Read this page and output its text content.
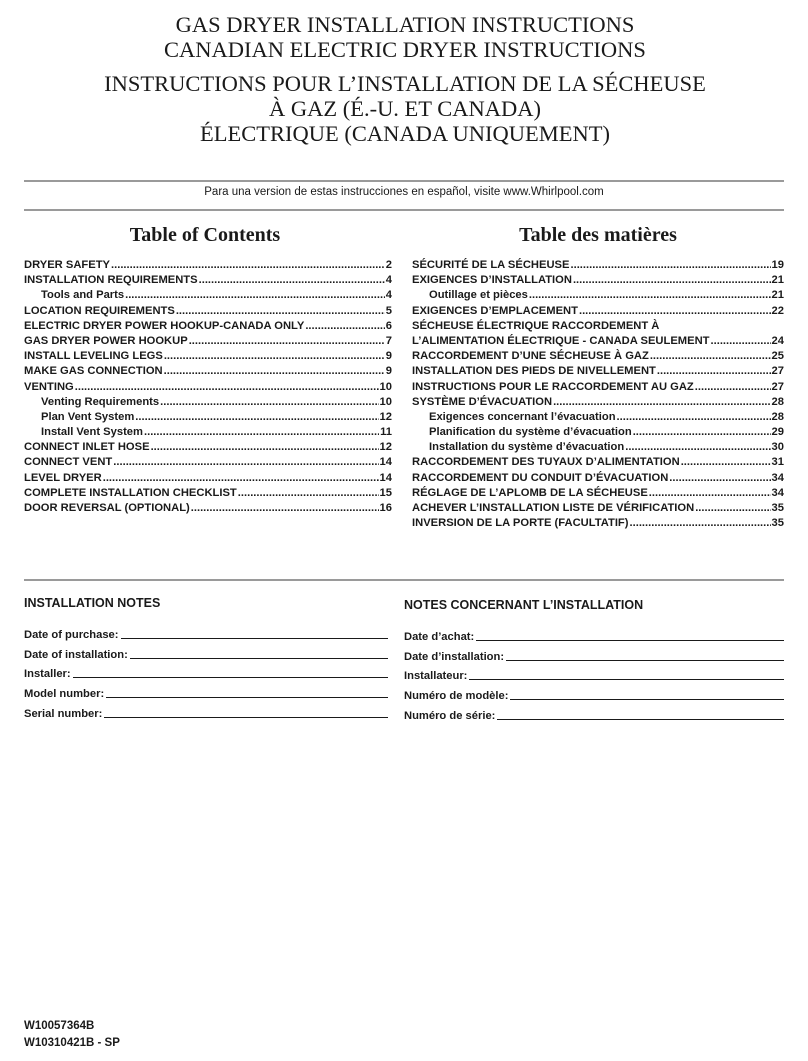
GAS DRYER INSTALLATION INSTRUCTIONS
CANADIAN ELECTRIC DRYER INSTRUCTIONS
INSTRUCTIONS POUR L’INSTALLATION DE LA SÉCHEUSE
À GAZ (É.-U. ET CANADA)
ÉLECTRIQUE (CANADA UNIQUEMENT)
Para una version de estas instrucciones en español, visite www.Whirlpool.com
Table of Contents	Table des matières
DRYER SAFETY .....	2
INSTALLATION REQUIREMENTS .....	4
Tools and Parts .....	4
LOCATION REQUIREMENTS .....	5
ELECTRIC DRYER POWER HOOKUP-CANADA ONLY .....	6
GAS DRYER POWER HOOKUP .....	7
INSTALL LEVELING LEGS .....	9
MAKE GAS CONNECTION .....	9
VENTING .....	10
Venting Requirements .....	10
Plan Vent System .....	12
Install Vent System .....	11
CONNECT INLET HOSE .....	12
CONNECT VENT .....	14
LEVEL DRYER .....	14
COMPLETE INSTALLATION CHECKLIST .....	15
DOOR REVERSAL (OPTIONAL) .....	16
SÉCURITÉ DE LA SÉCHEUSE .....	19
EXIGENCES D’INSTALLATION .....	21
Outillage et pièces .....	21
EXIGENCES D’EMPLACEMENT .....	22
SÉCHEUSE ÉLECTRIQUE RACCORDEMENT À
L’ALIMENTATION ÉLECTRIQUE - CANADA SEULEMENT .....	24
RACCORDEMENT D’UNE SÉCHEUSE À GAZ .....	25
INSTALLATION DES PIEDS DE NIVELLEMENT .....	27
INSTRUCTIONS POUR LE RACCORDEMENT AU GAZ .....	27
SYSTÈME D’ÉVACUATION .....	28
Exigences concernant l’évacuation .....	28
Planification du système d’évacuation .....	29
Installation du système d’évacuation .....	30
RACCORDEMENT DES TUYAUX D’ALIMENTATION .....	31
RACCORDEMENT DU CONDUIT D’ÉVACUATION .....	34
RÉGLAGE DE L’APLOMB DE LA SÉCHEUSE .....	34
ACHEVER L’INSTALLATION LISTE DE VÉRIFICATION .....	35
INVERSION DE LA PORTE (FACULTATIF) .....	35
INSTALLATION NOTES
Date of purchase:
Date of installation:
Installer:
Model number:
Serial number:
NOTES CONCERNANT L’INSTALLATION
Date d’achat:
Date d’installation:
Installateur:
Numéro de modèle:
Numéro de série:
W10057364B
W10310421B - SP
